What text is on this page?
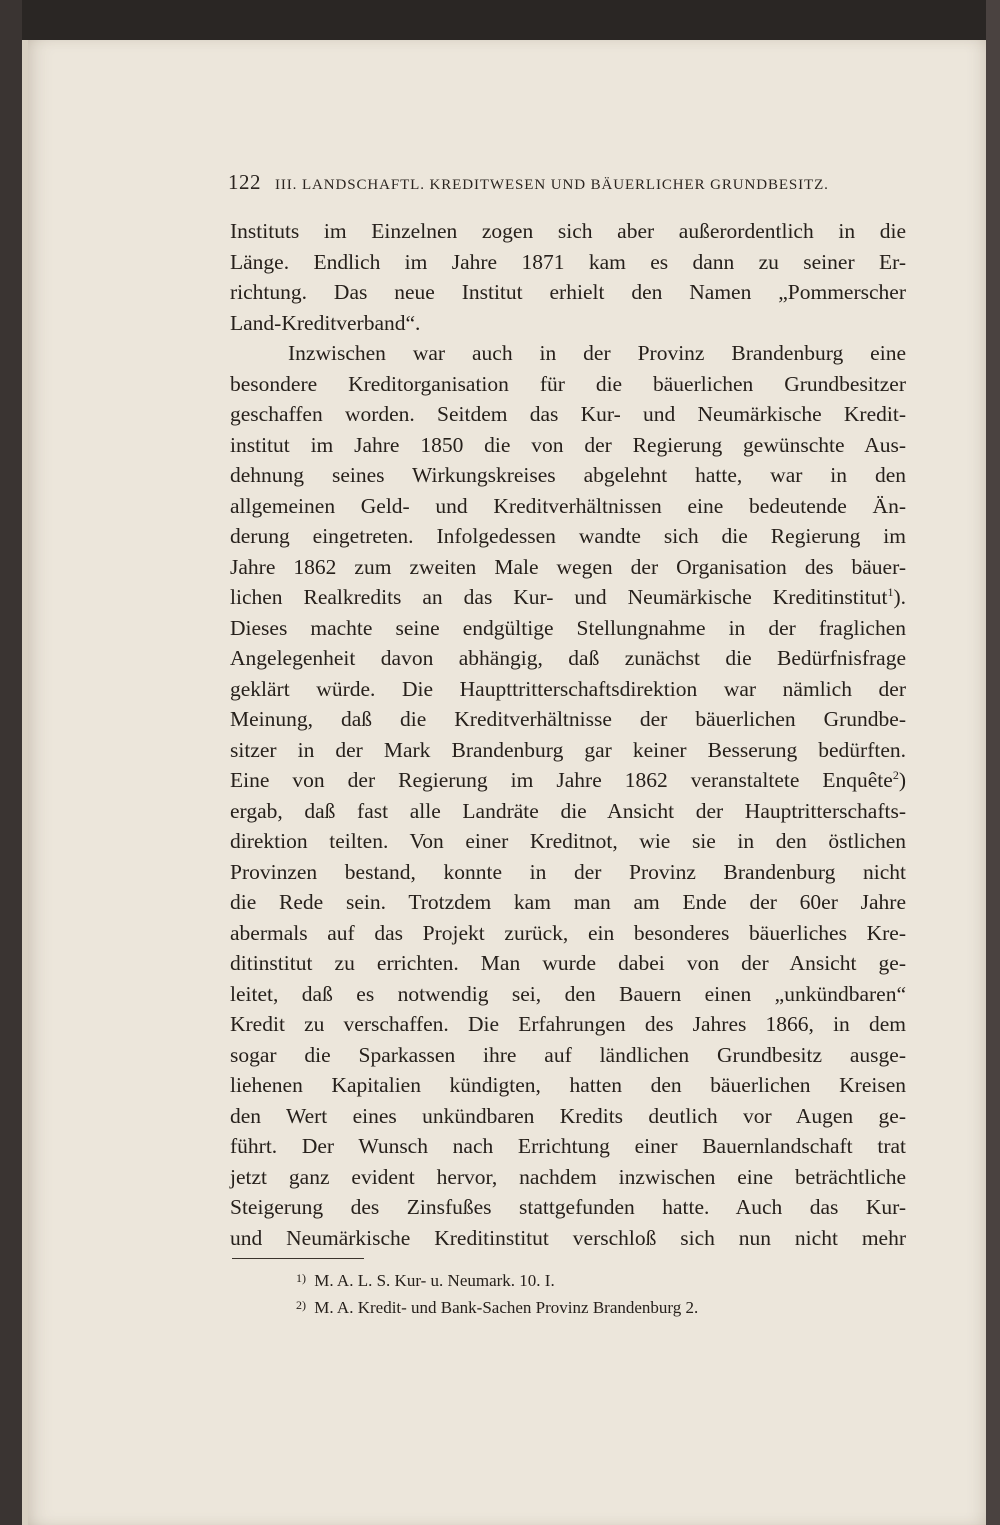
122 III. LANDSCHAFTL. KREDITWESEN UND BÄUERLICHER GRUNDBESITZ.
Instituts im Einzelnen zogen sich aber außerordentlich in die
Länge. Endlich im Jahre 1871 kam es dann zu seiner Er-
richtung. Das neue Institut erhielt den Namen „Pommerscher
Land-Kreditverband“.
Inzwischen war auch in der Provinz Brandenburg eine
besondere Kreditorganisation für die bäuerlichen Grundbesitzer
geschaffen worden. Seitdem das Kur- und Neumärkische Kredit-
institut im Jahre 1850 die von der Regierung gewünschte Aus-
dehnung seines Wirkungskreises abgelehnt hatte, war in den
allgemeinen Geld- und Kreditverhältnissen eine bedeutende Än-
derung eingetreten. Infolgedessen wandte sich die Regierung im
Jahre 1862 zum zweiten Male wegen der Organisation des bäuer-
lichen Realkredits an das Kur- und Neumärkische Kreditinstitut$^1$).
Dieses machte seine endgültige Stellungnahme in der fraglichen
Angelegenheit davon abhängig, daß zunächst die Bedürfnisfrage
geklärt würde. Die Haupttritterschaftsdirektion war nämlich der
Meinung, daß die Kreditverhältnisse der bäuerlichen Grundbe-
sitzer in der Mark Brandenburg gar keiner Besserung bedürften.
Eine von der Regierung im Jahre 1862 veranstaltete Enquête$^2$)
ergab, daß fast alle Landräte die Ansicht der Hauptritterschafts-
direktion teilten. Von einer Kreditnot, wie sie in den östlichen
Provinzen bestand, konnte in der Provinz Brandenburg nicht
die Rede sein. Trotzdem kam man am Ende der 60er Jahre
abermals auf das Projekt zurück, ein besonderes bäuerliches Kre-
ditinstitut zu errichten. Man wurde dabei von der Ansicht ge-
leitet, daß es notwendig sei, den Bauern einen „unkündbaren“
Kredit zu verschaffen. Die Erfahrungen des Jahres 1866, in dem
sogar die Sparkassen ihre auf ländlichen Grundbesitz ausge-
liehenen Kapitalien kündigten, hatten den bäuerlichen Kreisen
den Wert eines unkündbaren Kredits deutlich vor Augen ge-
führt. Der Wunsch nach Errichtung einer Bauernlandschaft trat
jetzt ganz evident hervor, nachdem inzwischen eine beträchtliche
Steigerung des Zinsfußes stattgefunden hatte. Auch das Kur-
und Neumärkische Kreditinstitut verschloß sich nun nicht mehr
1) M. A. L. S. Kur- u. Neumark. 10. I.
2) M. A. Kredit- und Bank-Sachen Provinz Brandenburg 2.
